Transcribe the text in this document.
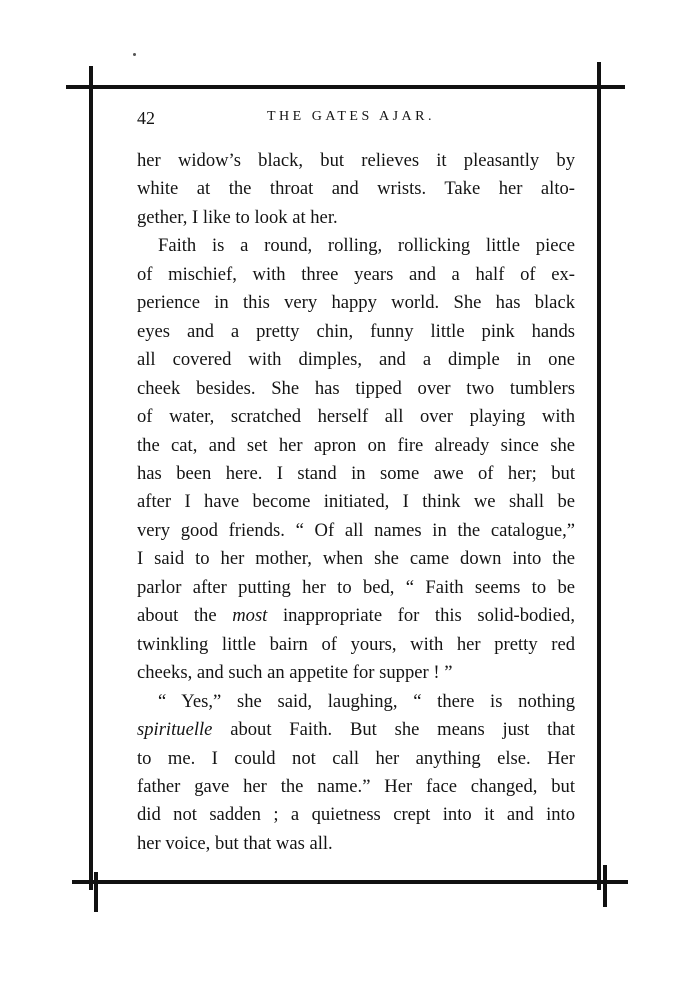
42	THE GATES AJAR.

her widow’s black, but relieves it pleasantly by
white at the throat and wrists. Take her alto-
gether, I like to look at her.

Faith is a round, rolling, rollicking little piece
of mischief, with three years and a half of ex-
perience in this very happy world. She has black
eyes and a pretty chin, funny little pink hands
all covered with dimples, and a dimple in one
cheek besides. She has tipped over two tumblers
of water, scratched herself all over playing with
the cat, and set her apron on fire already since she
has been here. I stand in some awe of her; but
after I have become initiated, I think we shall be
very good friends. “ Of all names in the catalogue,”
I said to her mother, when she came down into the
parlor after putting her to bed, “ Faith seems to be
about the most inappropriate for this solid-bodied,
twinkling little bairn of yours, with her pretty red
cheeks, and such an appetite for supper ! ”

“ Yes,” she said, laughing, “ there is nothing
spirituelle about Faith. But she means just that
to me. I could not call her anything else. Her
father gave her the name.” Her face changed, but
did not sadden ; a quietness crept into it and into
her voice, but that was all.
